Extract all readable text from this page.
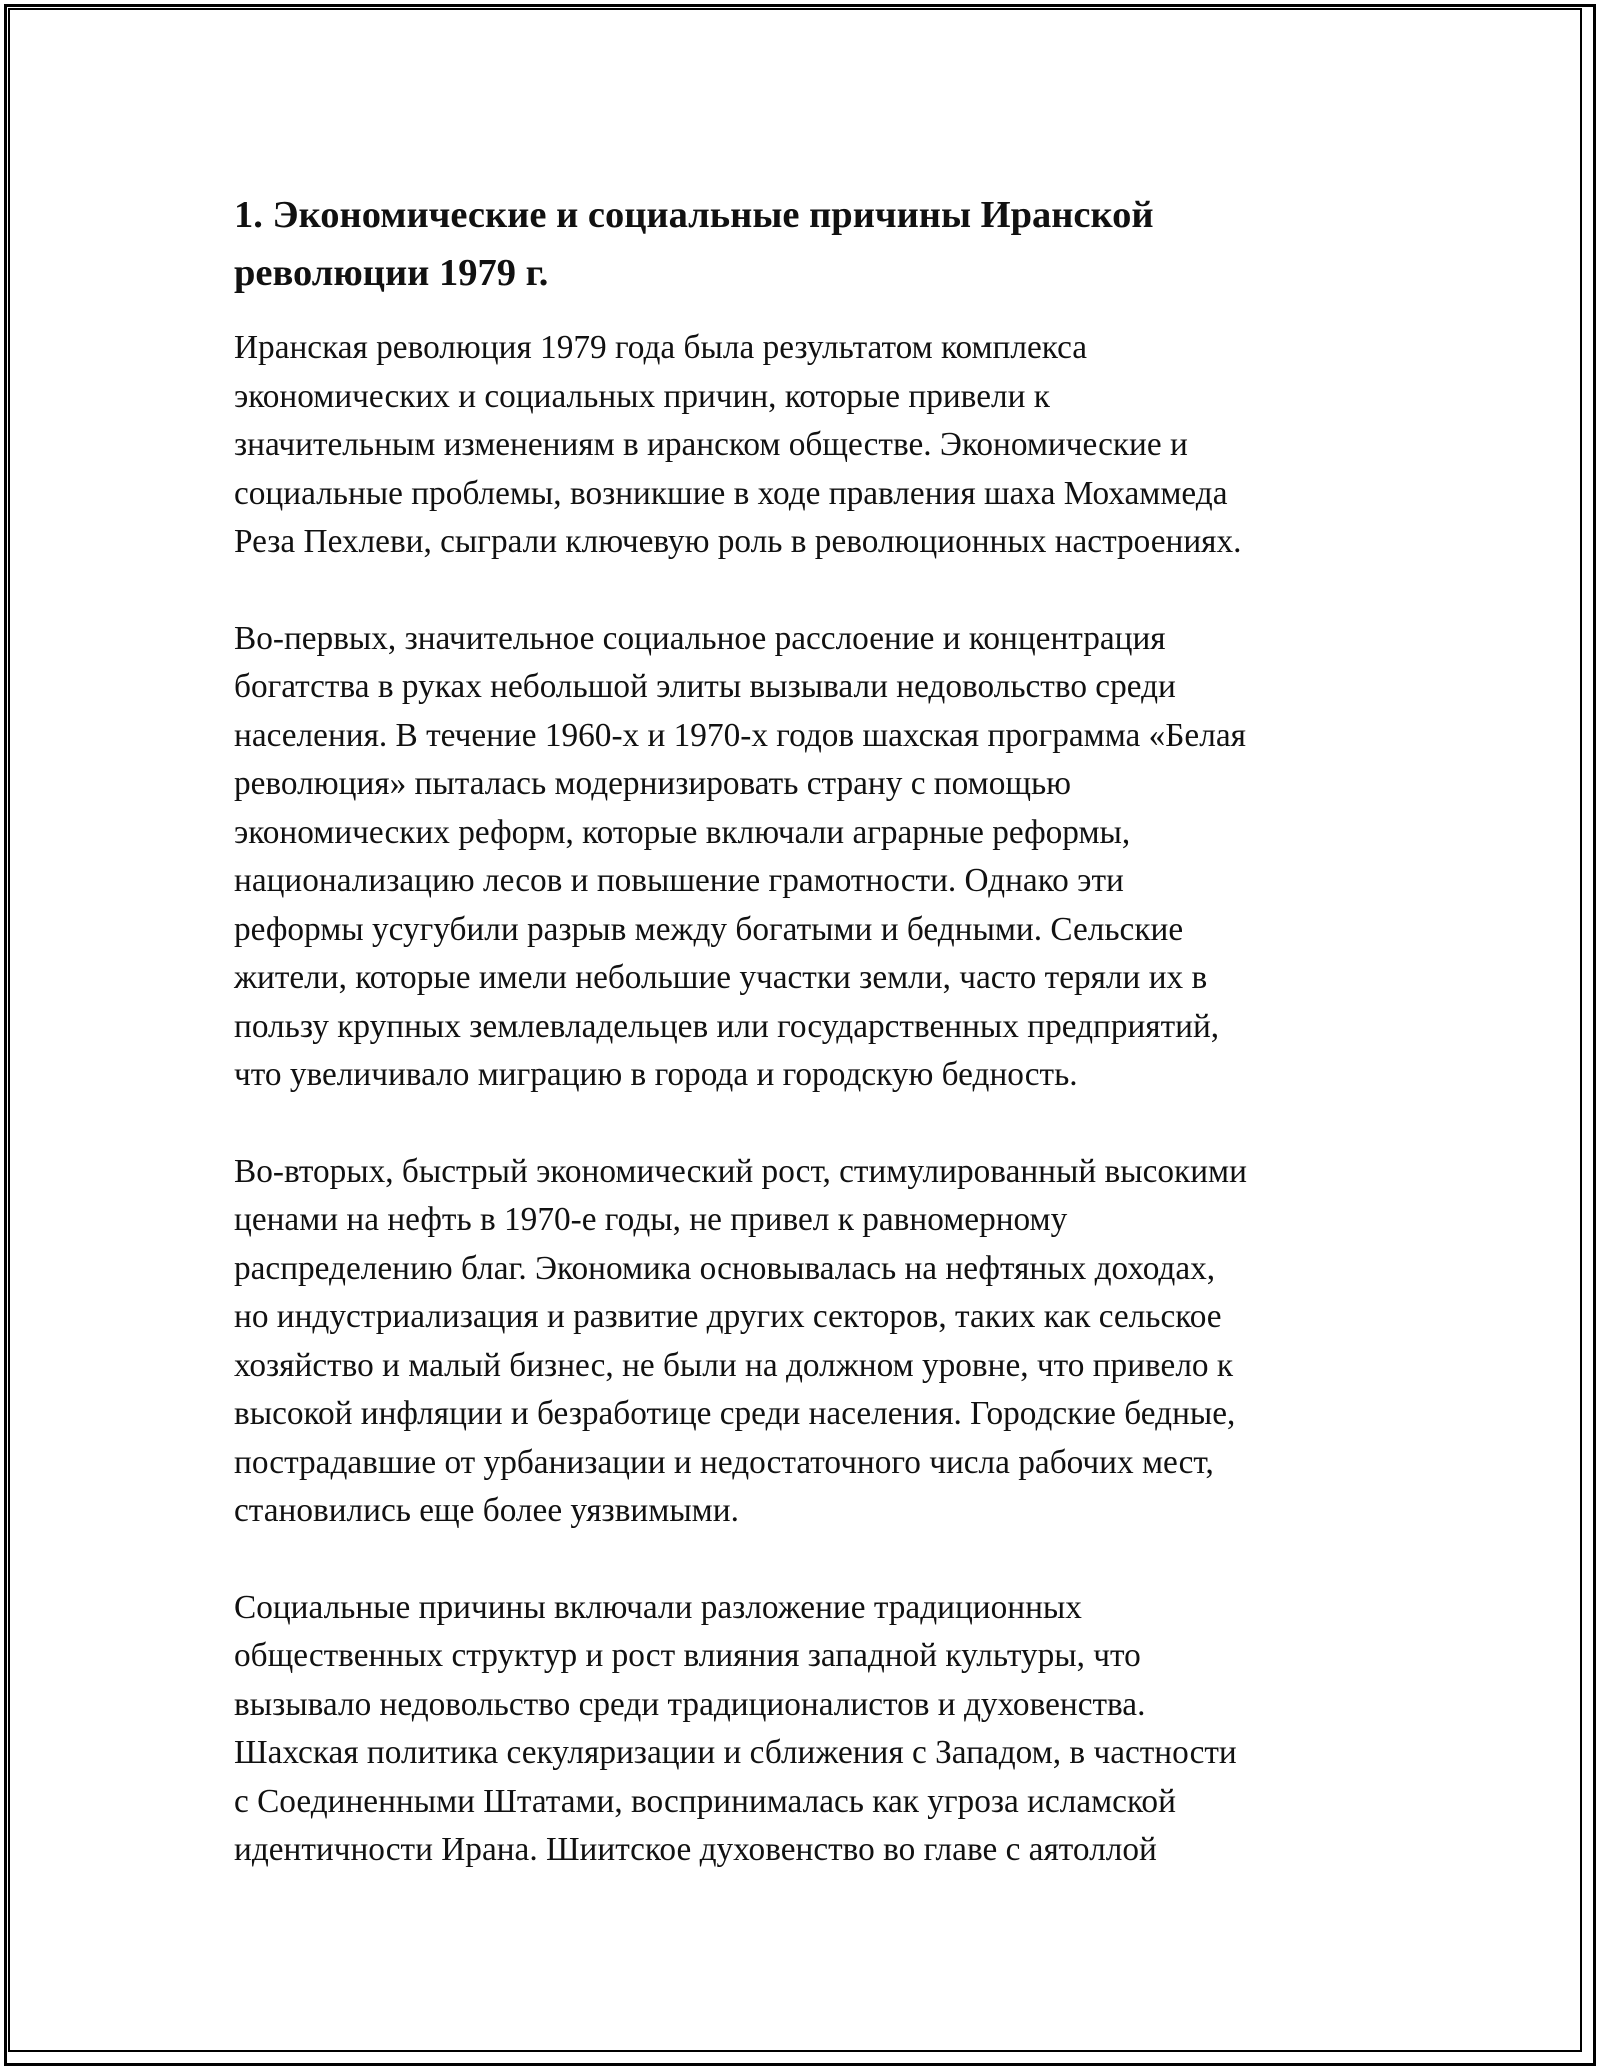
1. Экономические и социальные причины Иранской
революции 1979 г.

Иранская революция 1979 года была результатом комплекса
экономических и социальных причин, которые привели к
значительным изменениям в иранском обществе. Экономические и
социальные проблемы, возникшие в ходе правления шаха Мохаммеда
Реза Пехлеви, сыграли ключевую роль в революционных настроениях.

Во-первых, значительное социальное расслоение и концентрация
богатства в руках небольшой элиты вызывали недовольство среди
населения. В течение 1960-х и 1970-х годов шахская программа «Белая
революция» пыталась модернизировать страну с помощью
экономических реформ, которые включали аграрные реформы,
национализацию лесов и повышение грамотности. Однако эти
реформы усугубили разрыв между богатыми и бедными. Сельские
жители, которые имели небольшие участки земли, часто теряли их в
пользу крупных землевладельцев или государственных предприятий,
что увеличивало миграцию в города и городскую бедность.

Во-вторых, быстрый экономический рост, стимулированный высокими
ценами на нефть в 1970-е годы, не привел к равномерному
распределению благ. Экономика основывалась на нефтяных доходах,
но индустриализация и развитие других секторов, таких как сельское
хозяйство и малый бизнес, не были на должном уровне, что привело к
высокой инфляции и безработице среди населения. Городские бедные,
пострадавшие от урбанизации и недостаточного числа рабочих мест,
становились еще более уязвимыми.

Социальные причины включали разложение традиционных
общественных структур и рост влияния западной культуры, что
вызывало недовольство среди традиционалистов и духовенства.
Шахская политика секуляризации и сближения с Западом, в частности
с Соединенными Штатами, воспринималась как угроза исламской
идентичности Ирана. Шиитское духовенство во главе с аятоллой
